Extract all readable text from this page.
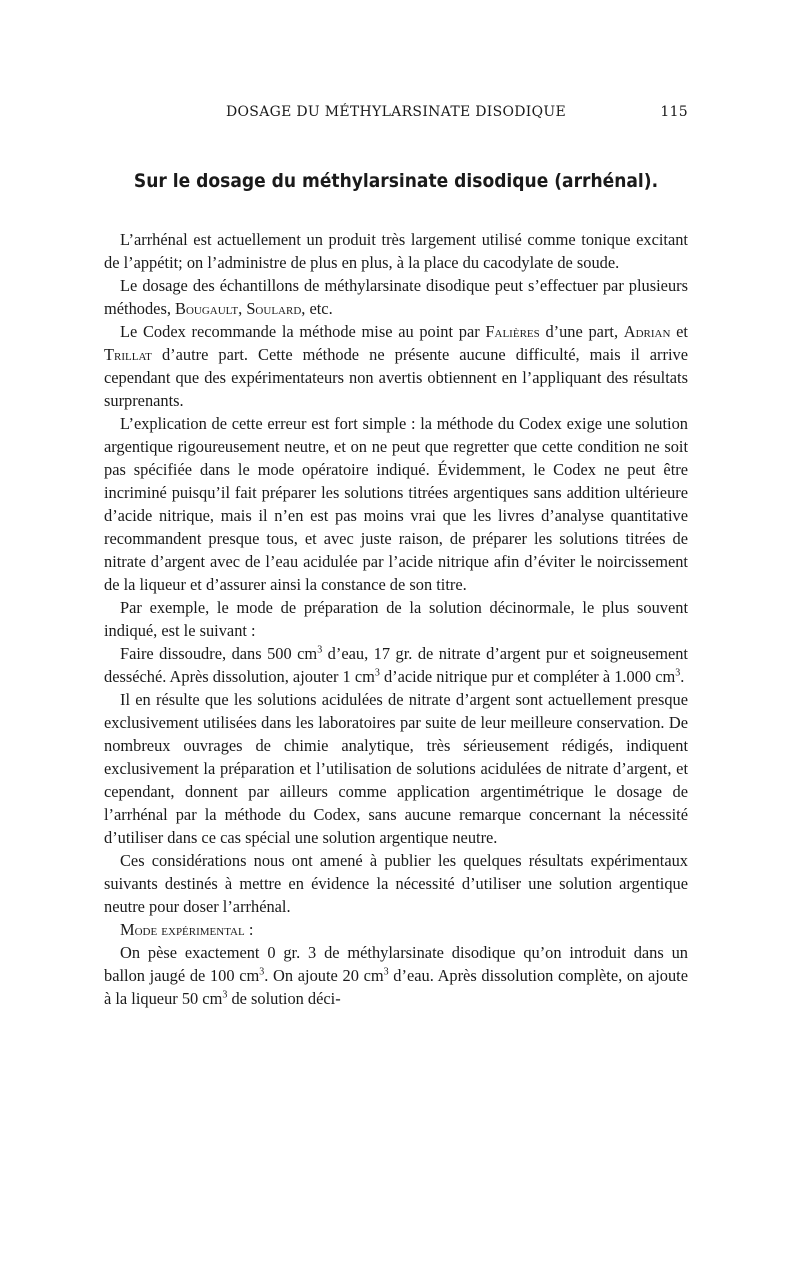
DOSAGE DU MÉTHYLARSINATE DISODIQUE	115
Sur le dosage du méthylarsinate disodique (arrhénal).

L’arrhénal est actuellement un produit très largement utilisé comme tonique excitant de l’appétit; on l’administre de plus en plus, à la place du cacodylate de soude.

Le dosage des échantillons de méthylarsinate disodique peut s’effectuer par plusieurs méthodes, Bougault, Soulard, etc.

Le Codex recommande la méthode mise au point par Falières d’une part, Adrian et Trillat d’autre part. Cette méthode ne présente aucune difficulté, mais il arrive cependant que des expérimentateurs non avertis obtiennent en l’appliquant des résultats surprenants.

L’explication de cette erreur est fort simple : la méthode du Codex exige une solution argentique rigoureusement neutre, et on ne peut que regretter que cette condition ne soit pas spécifiée dans le mode opératoire indiqué. Évidemment, le Codex ne peut être incriminé puisqu’il fait préparer les solutions titrées argentiques sans addition ultérieure d’acide nitrique, mais il n’en est pas moins vrai que les livres d’analyse quantitative recommandent presque tous, et avec juste raison, de préparer les solutions titrées de nitrate d’argent avec de l’eau acidulée par l’acide nitrique afin d’éviter le noircissement de la liqueur et d’assurer ainsi la constance de son titre.

Par exemple, le mode de préparation de la solution décinormale, le plus souvent indiqué, est le suivant :

Faire dissoudre, dans 500 $cm^3$ d’eau, 17 gr. de nitrate d’argent pur et soigneusement desséché. Après dissolution, ajouter 1 $cm^3$ d’acide nitrique pur et compléter à 1.000 $cm^3$.

Il en résulte que les solutions acidulées de nitrate d’argent sont actuellement presque exclusivement utilisées dans les laboratoires par suite de leur meilleure conservation. De nombreux ouvrages de chimie analytique, très sérieusement rédigés, indiquent exclusivement la préparation et l’utilisation de solutions acidulées de nitrate d’argent, et cependant, donnent par ailleurs comme application argentimétrique le dosage de l’arrhénal par la méthode du Codex, sans aucune remarque concernant la nécessité d’utiliser dans ce cas spécial une solution argentique neutre.

Ces considérations nous ont amené à publier les quelques résultats expérimentaux suivants destinés à mettre en évidence la nécessité d’utiliser une solution argentique neutre pour doser l’arrhénal.

Mode expérimental :

On pèse exactement 0 gr. 3 de méthylarsinate disodique qu’on introduit dans un ballon jaugé de 100 $cm^3$. On ajoute 20 $cm^3$ d’eau. Après dissolution complète, on ajoute à la liqueur 50 $cm^3$ de solution déci-
